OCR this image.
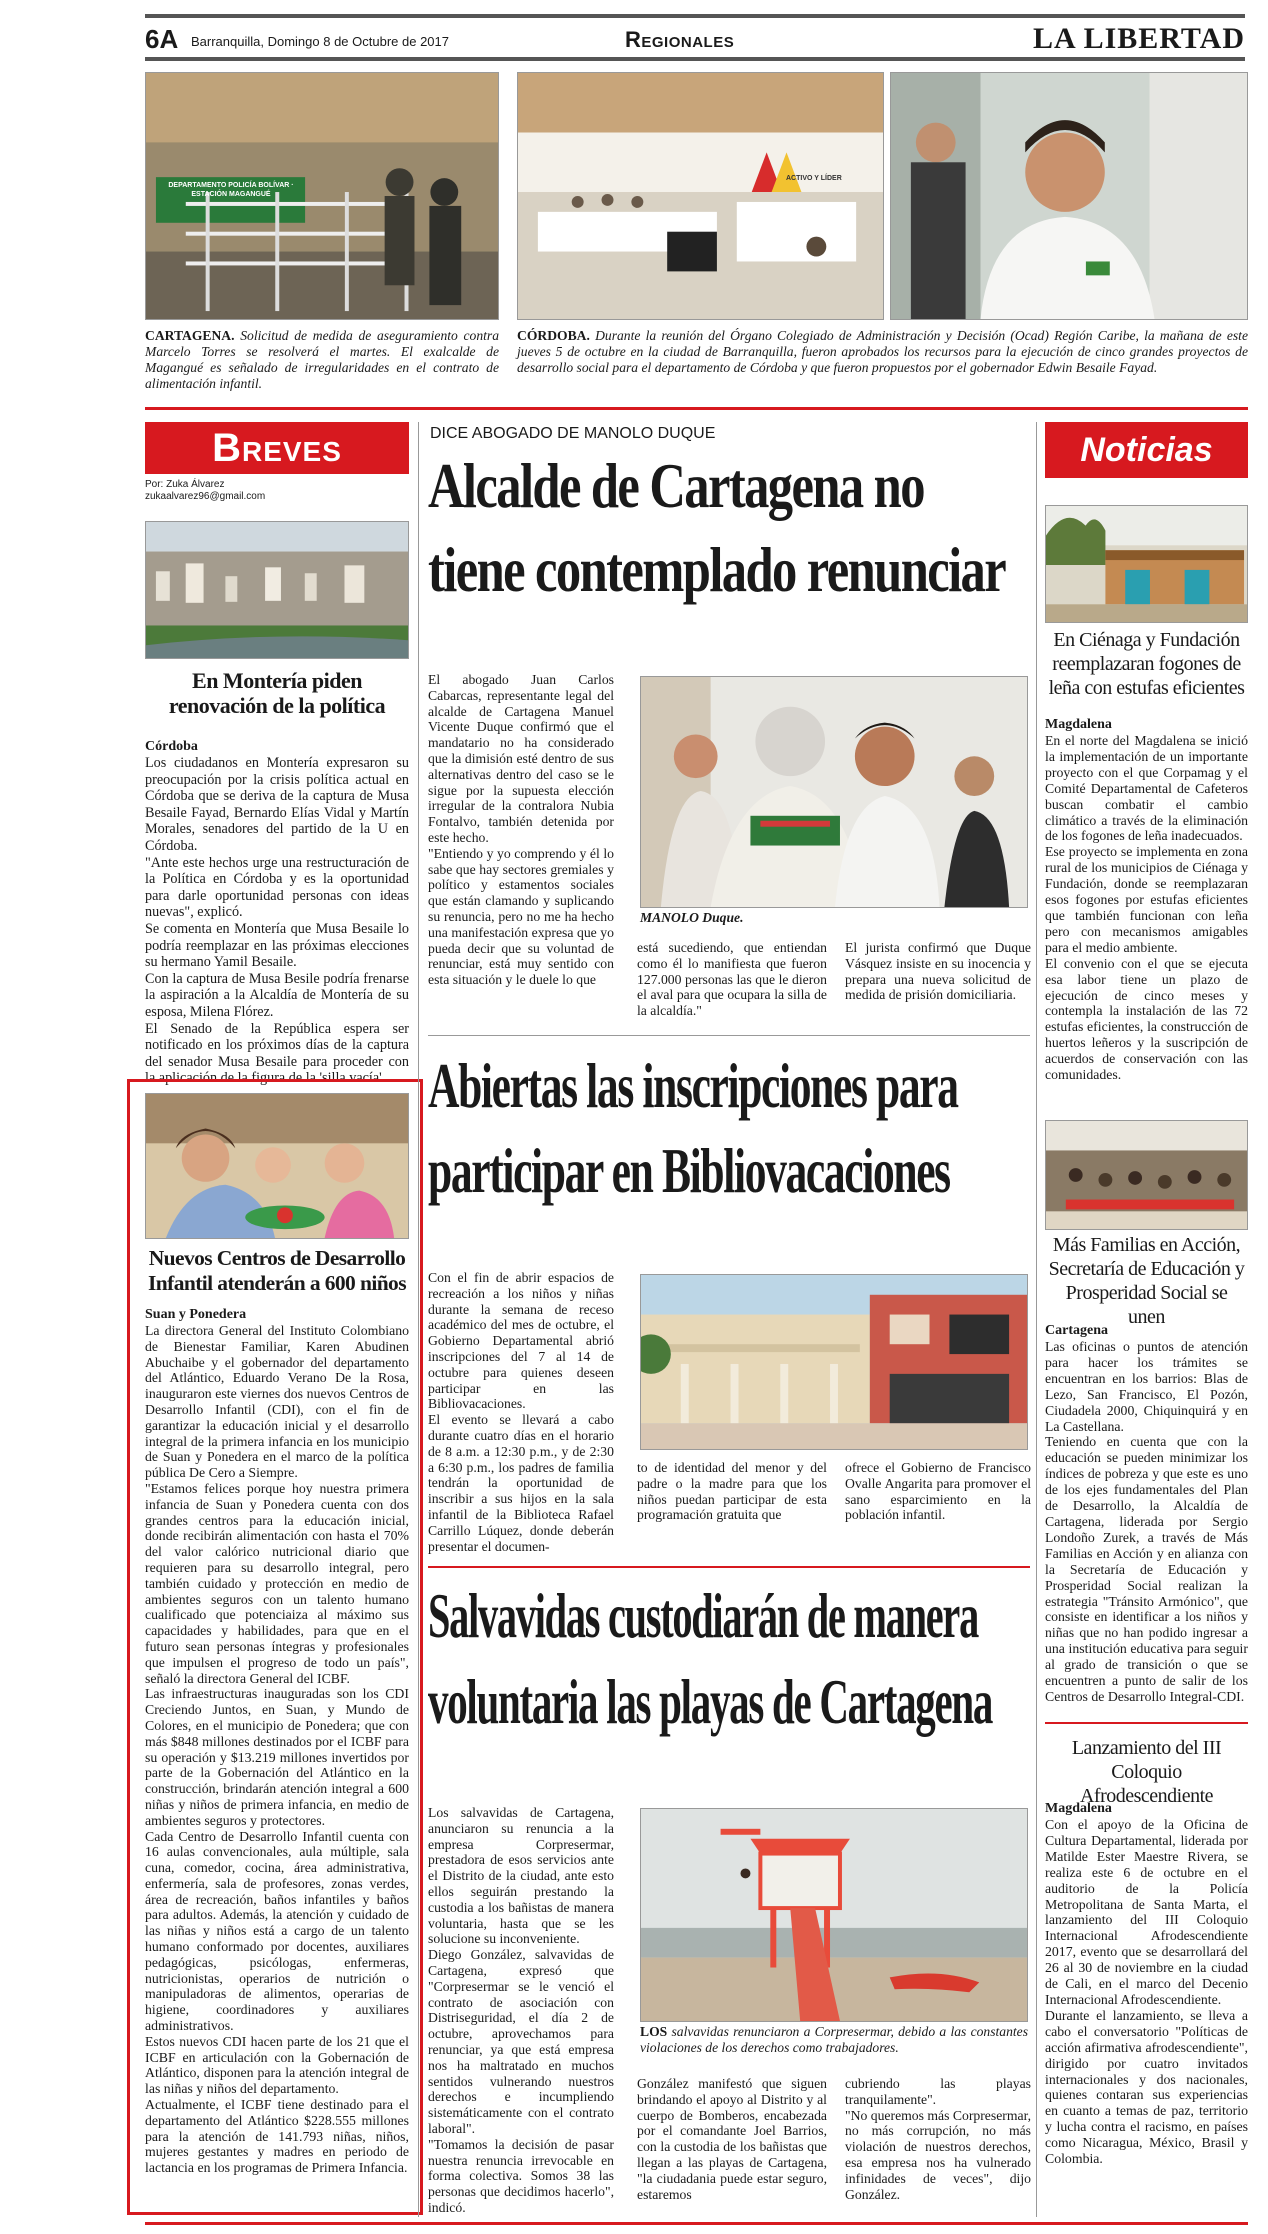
6A Barranquilla, Domingo 8 de Octubre de 2017	Regionales	LA LIBERTAD
DEPARTAMENTO POLICÍA BOLÍVAR · ESTACIÓN MAGANGUÉ
ACTIVO Y LÍDER
CARTAGENA. Solicitud de medida de aseguramiento contra Marcelo Torres se resolverá el martes. El exalcalde de Magangué es señalado de irregularidades en el contrato de alimentación infantil.
CÓRDOBA. Durante la reunión del Órgano Colegiado de Administración y Decisión (Ocad) Región Caribe, la mañana de este jueves 5 de octubre en la ciudad de Barranquilla, fueron aprobados los recursos para la ejecución de cinco grandes proyectos de desarrollo social para el departamento de Córdoba y que fueron propuestos por el gobernador Edwin Besaile Fayad.
Breves
Por: Zuka Álvarez
zukaalvarez96@gmail.com
En Montería piden renovación de la política
Córdoba

Los ciudadanos en Montería expresaron su preocupación por la crisis política actual en Córdoba que se deriva de la captura de Musa Besaile Fayad, Bernardo Elías Vidal y Martín Morales, senadores del partido de la U en Córdoba.
"Ante este hechos urge una restructuración de la Política en Córdoba y es la oportunidad para darle oportunidad personas con ideas nuevas", explicó.
Se comenta en Montería que Musa Besaile lo podría reemplazar en las próximas elecciones su hermano Yamil Besaile.
Con la captura de Musa Besile podría frenarse la aspiración a la Alcaldía de Montería de su esposa, Milena Flórez.
El Senado de la República espera ser notificado en los próximos días de la captura del senador Musa Besaile para proceder con la aplicación de la figura de la 'silla vacía'.

Nuevos Centros de Desarrollo Infantil atenderán a 600 niños
Suan y Ponedera

La directora General del Instituto Colombiano de Bienestar Familiar, Karen Abudinen Abuchaibe y el gobernador del departamento del Atlántico, Eduardo Verano De la Rosa, inauguraron este viernes dos nuevos Centros de Desarrollo Infantil (CDI), con el fin de garantizar la educación inicial y el desarrollo integral de la primera infancia en los municipio de Suan y Ponedera en el marco de la política pública De Cero a Siempre.
"Estamos felices porque hoy nuestra primera infancia de Suan y Ponedera cuenta con dos grandes centros para la educación inicial, donde recibirán alimentación con hasta el 70% del valor calórico nutricional diario que requieren para su desarrollo integral, pero también cuidado y protección en medio de ambientes seguros con un talento humano cualificado que potenciaiza al máximo sus capacidades y habilidades, para que en el futuro sean personas íntegras y profesionales que impulsen el progreso de todo un país", señaló la directora General del ICBF.
Las infraestructuras inauguradas son los CDI Creciendo Juntos, en Suan, y Mundo de Colores, en el municipio de Ponedera; que con más $848 millones destinados por el ICBF para su operación y $13.219 millones invertidos por parte de la Gobernación del Atlántico en la construcción, brindarán atención integral a 600 niñas y niños de primera infancia, en medio de ambientes seguros y protectores.
Cada Centro de Desarrollo Infantil cuenta con 16 aulas convencionales, aula múltiple, sala cuna, comedor, cocina, área administrativa, enfermería, sala de profesores, zonas verdes, área de recreación, baños infantiles y baños para adultos. Además, la atención y cuidado de las niñas y niños está a cargo de un talento humano conformado por docentes, auxiliares pedagógicas, psicólogas, enfermeras, nutricionistas, operarios de nutrición o manipuladoras de alimentos, operarias de higiene, coordinadores y auxiliares administrativos.
Estos nuevos CDI hacen parte de los 21 que el ICBF en articulación con la Gobernación de Atlántico, disponen para la atención integral de las niñas y niños del departamento.
Actualmente, el ICBF tiene destinado para el departamento del Atlántico $228.555 millones para la atención de 141.793 niñas, niños, mujeres gestantes y madres en periodo de lactancia en los programas de Primera Infancia.

DICE ABOGADO DE MANOLO DUQUE
Alcalde de Cartagena no
tiene contemplado renunciar

El abogado Juan Carlos Cabarcas, representante legal del alcalde de Cartagena Manuel Vicente Duque confirmó que el mandatario no ha considerado que la dimisión esté dentro de sus alternativas dentro del caso se le sigue por la supuesta elección irregular de la contralora Nubia Fontalvo, también detenida por este hecho.
"Entiendo y yo comprendo y él lo sabe que hay sectores gremiales y político y estamentos sociales que están clamando y suplicando su renuncia, pero no me ha hecho una manifestación expresa que yo pueda decir que su voluntad de renunciar, está muy sentido con esta situación y le duele lo que

MANOLO Duque.

está sucediendo, que entiendan como él lo manifiesta que fueron 127.000 personas las que le dieron el aval para que ocupara la silla de la alcaldía."

El jurista confirmó que Duque Vásquez insiste en su inocencia y prepara una nueva solicitud de medida de prisión domiciliaria.

Abiertas las inscripciones para
participar en Bibliovacaciones

Con el fin de abrir espacios de recreación a los niños y niñas durante la semana de receso académico del mes de octubre, el Gobierno Departamental abrió inscripciones del 7 al 14 de octubre para quienes deseen participar en las Bibliovacaciones.
El evento se llevará a cabo durante cuatro días en el horario de 8 a.m. a 12:30 p.m., y de 2:30 a 6:30 p.m., los padres de familia tendrán la oportunidad de inscribir a sus hijos en la sala infantil de la Biblioteca Rafael Carrillo Lúquez, donde deberán presentar el documen-

to de identidad del menor y del padre o la madre para que los niños puedan participar de esta programación gratuita que

ofrece el Gobierno de Francisco Ovalle Angarita para promover el sano esparcimiento en la población infantil.

Salvavidas custodiarán de manera
voluntaria las playas de Cartagena

Los salvavidas de Cartagena, anunciaron su renuncia a la empresa Corpresermar, prestadora de esos servicios ante el Distrito de la ciudad, ante esto ellos seguirán prestando la custodia a los bañistas de manera voluntaria, hasta que se les solucione su inconveniente.
Diego González, salvavidas de Cartagena, expresó que "Corpresermar se le venció el contrato de asociación con Distriseguridad, el día 2 de octubre, aprovechamos para renunciar, ya que está empresa nos ha maltratado en muchos sentidos vulnerando nuestros derechos e incumpliendo sistemáticamente con el contrato laboral".
"Tomamos la decisión de pasar nuestra renuncia irrevocable en forma colectiva. Somos 38 las personas que decidimos hacerlo", indicó.

LOS salvavidas renunciaron a Corpresermar, debido a las constantes violaciones de los derechos como trabajadores.

González manifestó que siguen brindando el apoyo al Distrito y al cuerpo de Bomberos, encabezada por el comandante Joel Barrios, con la custodia de los bañistas que llegan a las playas de Cartagena, "la ciudadania puede estar seguro, estaremos

cubriendo las playas tranquilamente".
"No queremos más Corpresermar, no más corrupción, no más violación de nuestros derechos, esa empresa nos ha vulnerado infinidades de veces", dijo González.

Noticias
En Ciénaga y Fundación reemplazaran fogones de leña con estufas eficientes
Magdalena

En el norte del Magdalena se inició la implementación de un importante proyecto con el que Corpamag y el Comité Departamental de Cafeteros buscan combatir el cambio climático a través de la eliminación de los fogones de leña inadecuados.
Ese proyecto se implementa en zona rural de los municipios de Ciénaga y Fundación, donde se reemplazaran esos fogones por estufas eficientes que también funcionan con leña pero con mecanismos amigables para el medio ambiente.
El convenio con el que se ejecuta esa labor tiene un plazo de ejecución de cinco meses y contempla la instalación de las 72 estufas eficientes, la construcción de huertos leñeros y la suscripción de acuerdos de conservación con las comunidades.

Más Familias en Acción, Secretaría de Educación y Prosperidad Social se unen
Cartagena

Las oficinas o puntos de atención para hacer los trámites se encuentran en los barrios: Blas de Lezo, San Francisco, El Pozón, Ciudadela 2000, Chiquinquirá y en La Castellana.
Teniendo en cuenta que con la educación se pueden minimizar los índices de pobreza y que este es uno de los ejes fundamentales del Plan de Desarrollo, la Alcaldía de Cartagena, liderada por Sergio Londoño Zurek, a través de Más Familias en Acción y en alianza con la Secretaría de Educación y Prosperidad Social realizan la estrategia "Tránsito Armónico", que consiste en identificar a los niños y niñas que no han podido ingresar a una institución educativa para seguir al grado de transición o que se encuentren a punto de salir de los Centros de Desarrollo Integral-CDI.

Lanzamiento del III Coloquio Afrodescendiente
Magdalena

Con el apoyo de la Oficina de Cultura Departamental, liderada por Matilde Ester Maestre Rivera, se realiza este 6 de octubre en el auditorio de la Policía Metropolitana de Santa Marta, el lanzamiento del III Coloquio Internacional Afrodescendiente 2017, evento que se desarrollará del 26 al 30 de noviembre en la ciudad de Cali, en el marco del Decenio Internacional Afrodescendiente.
Durante el lanzamiento, se lleva a cabo el conversatorio "Políticas de acción afirmativa afrodescendiente", dirigido por cuatro invitados internacionales y dos nacionales, quienes contaran sus experiencias en cuanto a temas de paz, territorio y lucha contra el racismo, en países como Nicaragua, México, Brasil y Colombia.
